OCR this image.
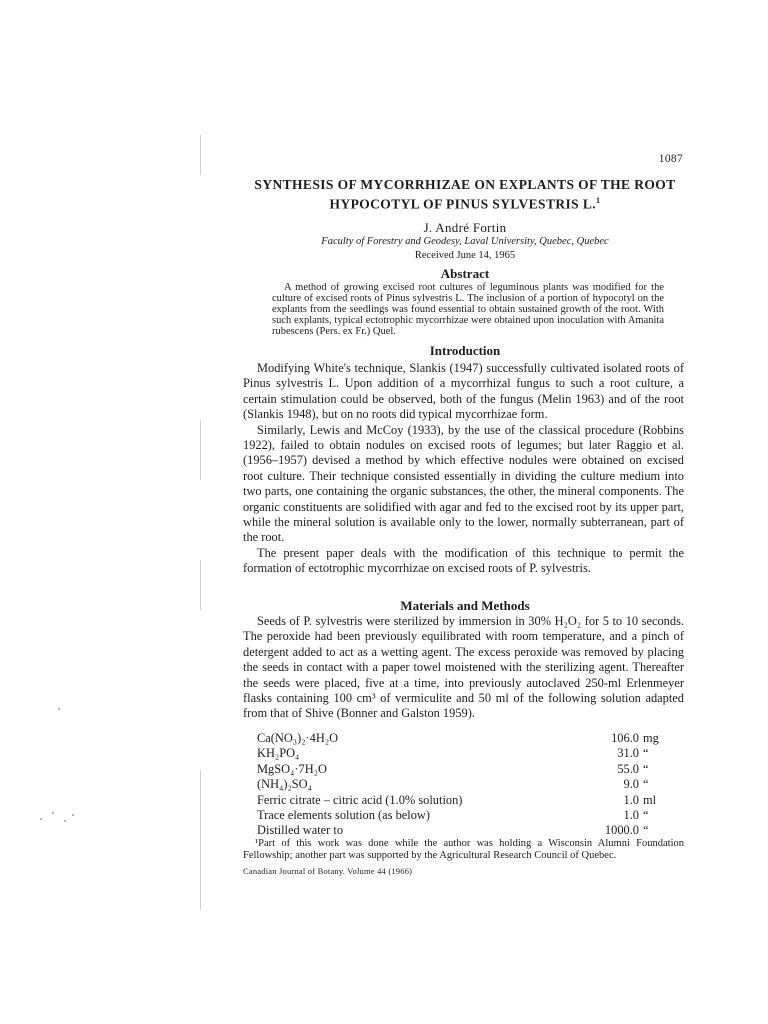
1087
SYNTHESIS OF MYCORRHIZAE ON EXPLANTS OF THE ROOT
HYPOCOTYL OF PINUS SYLVESTRIS L.$^1$
J. André Fortin
Faculty of Forestry and Geodesy, Laval University, Quebec, Quebec
Received June 14, 1965
Abstract

A method of growing excised root cultures of leguminous plants was modified for the culture of excised roots of Pinus sylvestris L. The inclusion of a portion of hypocotyl on the explants from the seedlings was found essential to obtain sustained growth of the root. With such explants, typical ectotrophic mycorrhizae were obtained upon inoculation with Amanita rubescens (Pers. ex Fr.) Quel.

Introduction

Modifying White's technique, Slankis (1947) successfully cultivated isolated roots of Pinus sylvestris L. Upon addition of a mycorrhizal fungus to such a root culture, a certain stimulation could be observed, both of the fungus (Melin 1963) and of the root (Slankis 1948), but on no roots did typical mycorrhizae form.

Similarly, Lewis and McCoy (1933), by the use of the classical procedure (Robbins 1922), failed to obtain nodules on excised roots of legumes; but later Raggio et al. (1956–1957) devised a method by which effective nodules were obtained on excised root culture. Their technique consisted essentially in dividing the culture medium into two parts, one containing the organic substances, the other, the mineral components. The organic constituents are solidified with agar and fed to the excised root by its upper part, while the mineral solution is available only to the lower, normally subterranean, part of the root.

The present paper deals with the modification of this technique to permit the formation of ectotrophic mycorrhizae on excised roots of P. sylvestris.

Materials and Methods

Seeds of P. sylvestris were sterilized by immersion in 30% H₂O₂ for 5 to 10 seconds. The peroxide had been previously equilibrated with room temperature, and a pinch of detergent added to act as a wetting agent. The excess peroxide was removed by placing the seeds in contact with a paper towel moistened with the sterilizing agent. Thereafter the seeds were placed, five at a time, into previously autoclaved 250-ml Erlenmeyer flasks containing 100 cm³ of vermiculite and 50 ml of the following solution adapted from that of Shive (Bonner and Galston 1959).

Ca(NO₃)₂·4H₂O	106.0 mg
KH₂PO₄	31.0 “
MgSO₄·7H₂O	55.0 “
(NH₄)₂SO₄	9.0 “
Ferric citrate – citric acid (1.0% solution)	1.0 ml
Trace elements solution (as below)	1.0 “
Distilled water to	1000.0 “

¹Part of this work was done while the author was holding a Wisconsin Alumni Foundation Fellowship; another part was supported by the Agricultural Research Council of Quebec.

Canadian Journal of Botany. Volume 44 (1966)
